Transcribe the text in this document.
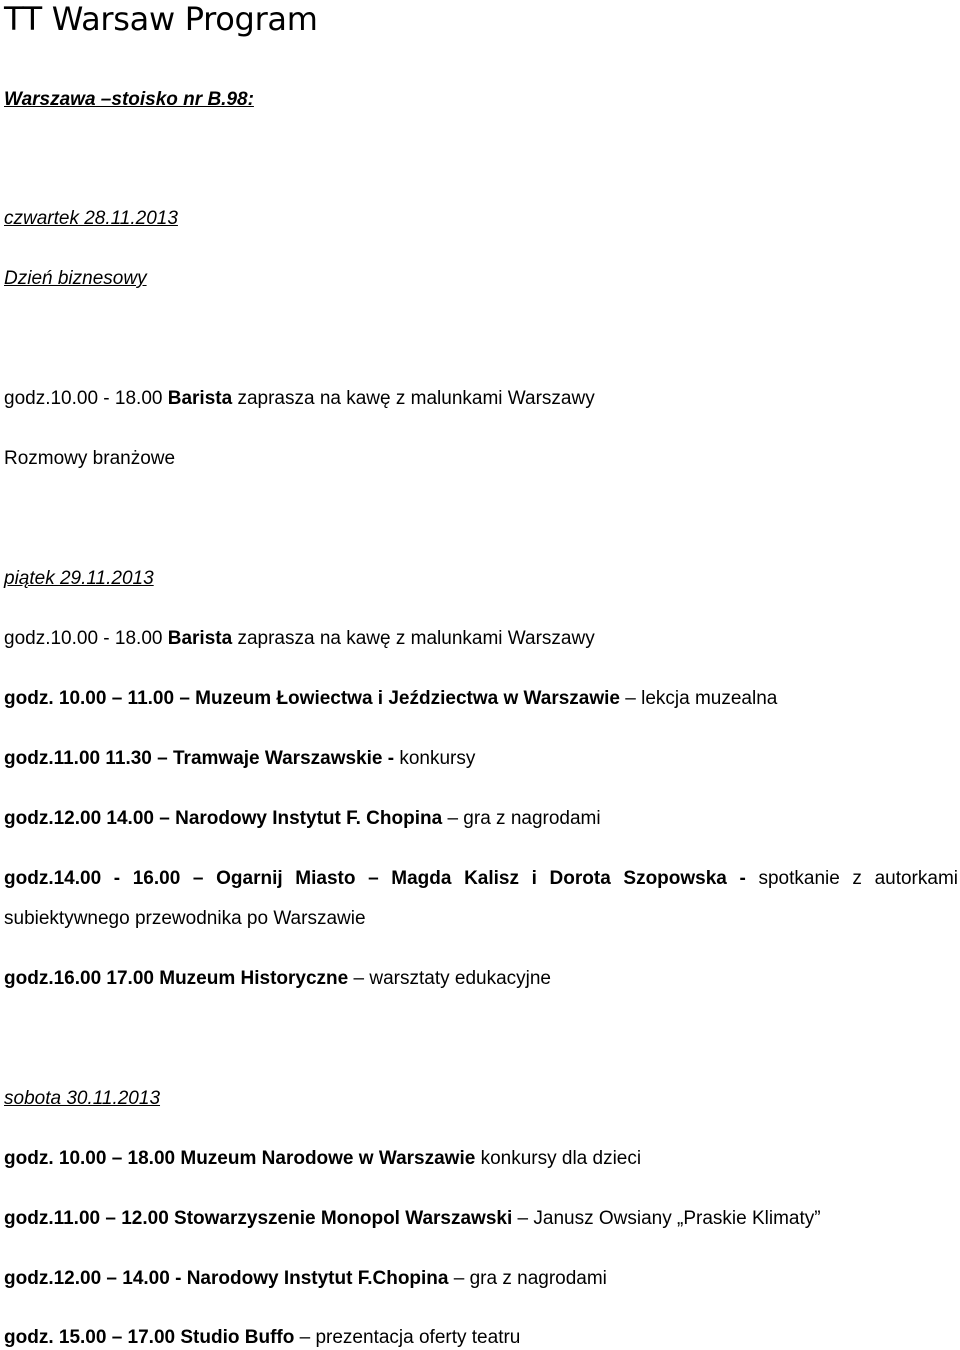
TT Warsaw Program
Warszawa –stoisko nr B.98:
czwartek 28.11.2013
Dzień biznesowy
godz.10.00 - 18.00 Barista zaprasza na kawę z malunkami Warszawy
Rozmowy branżowe
piątek 29.11.2013
godz.10.00 - 18.00 Barista zaprasza na kawę z malunkami Warszawy
godz. 10.00 – 11.00 – Muzeum Łowiectwa i Jeździectwa w Warszawie – lekcja muzealna
godz.11.00 11.30 – Tramwaje Warszawskie - konkursy
godz.12.00 14.00 – Narodowy Instytut F. Chopina – gra z nagrodami
godz.14.00 - 16.00 – Ogarnij Miasto – Magda Kalisz i Dorota Szopowska - spotkanie z autorkami subiektywnego przewodnika po Warszawie
godz.16.00 17.00 Muzeum Historyczne – warsztaty edukacyjne
sobota 30.11.2013
godz. 10.00 – 18.00 Muzeum Narodowe w Warszawie konkursy dla dzieci
godz.11.00 – 12.00 Stowarzyszenie Monopol Warszawski – Janusz Owsiany „Praskie Klimaty”
godz.12.00 – 14.00 - Narodowy Instytut F.Chopina – gra z nagrodami
godz. 15.00 – 17.00 Studio Buffo – prezentacja oferty teatru
